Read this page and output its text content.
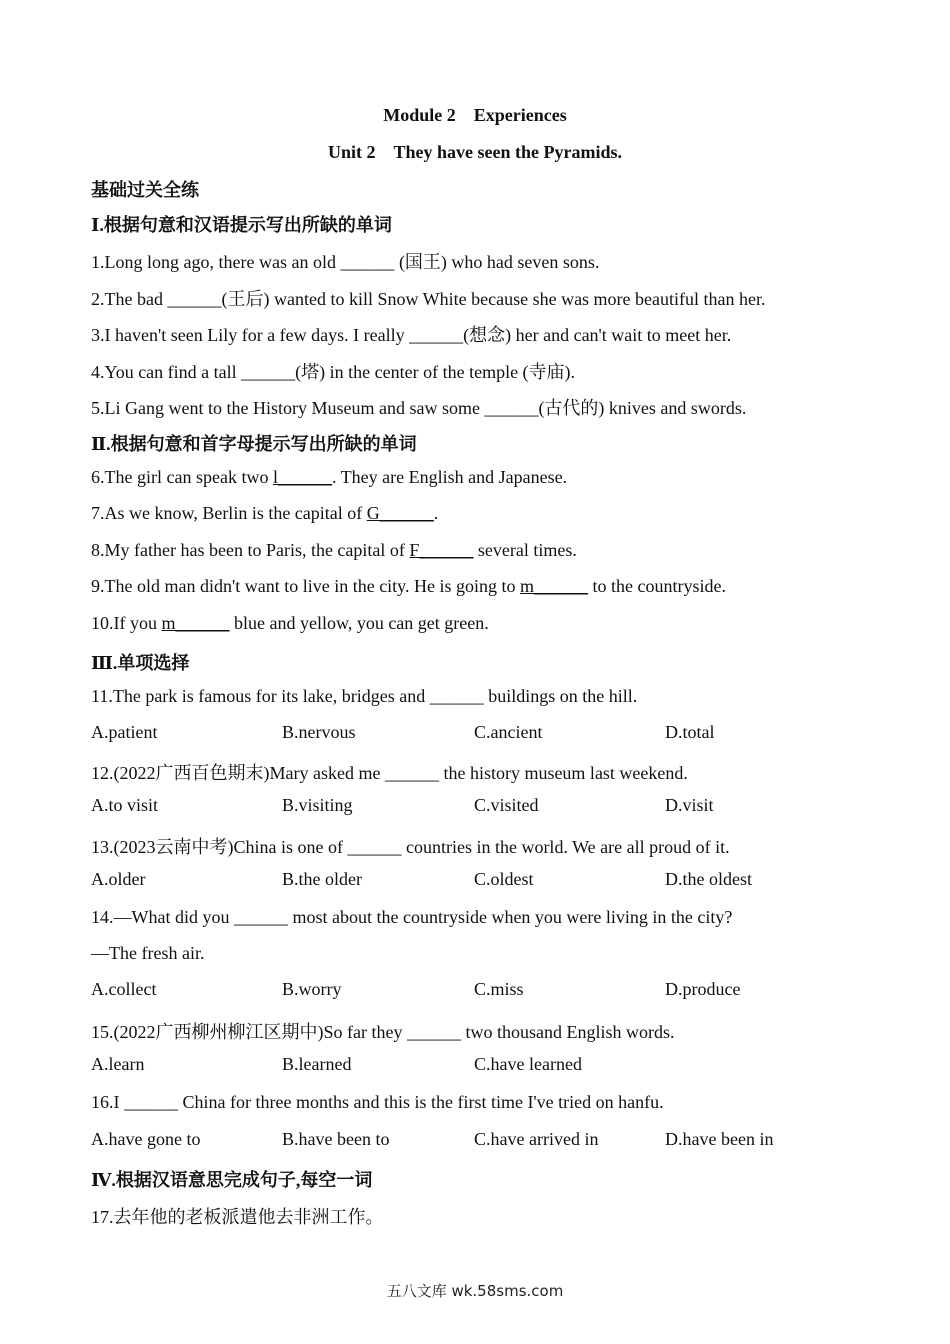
Module 2　Experiences
Unit 2　They have seen the Pyramids.
基础过关全练
Ⅰ.根据句意和汉语提示写出所缺的单词
1.Long long ago, there was an old ______ (国王) who had seven sons.
2.The bad ______(王后) wanted to kill Snow White because she was more beautiful than her.
3.I haven't seen Lily for a few days. I really ______(想念) her and can't wait to meet her.
4.You can find a tall ______(塔) in the center of the temple (寺庙).
5.Li Gang went to the History Museum and saw some ______(古代的) knives and swords.
Ⅱ.根据句意和首字母提示写出所缺的单词
6.The girl can speak two l______. They are English and Japanese.
7.As we know, Berlin is the capital of G______.
8.My father has been to Paris, the capital of F______ several times.
9.The old man didn't want to live in the city. He is going to m______ to the countryside.
10.If you m______ blue and yellow, you can get green.
Ⅲ.单项选择
11.The park is famous for its lake, bridges and ______ buildings on the hill.
A.patient	B.nervous	C.ancient	D.total
12.(2022广西百色期末)Mary asked me ______ the history museum last weekend.
A.to visit	B.visiting	C.visited	D.visit
13.(2023云南中考)China is one of ______ countries in the world. We are all proud of it.
A.older	B.the older	C.oldest	D.the oldest
14.—What did you ______ most about the countryside when you were living in the city?
—The fresh air.
A.collect	B.worry	C.miss	D.produce
15.(2022广西柳州柳江区期中)So far they ______ two thousand English words.
A.learn	B.learned	C.have learned
16.I ______ China for three months and this is the first time I've tried on hanfu.
A.have gone to	B.have been to	C.have arrived in	D.have been in
Ⅳ.根据汉语意思完成句子,每空一词
17.去年他的老板派遣他去非洲工作。
五八文库 wk.58sms.com
